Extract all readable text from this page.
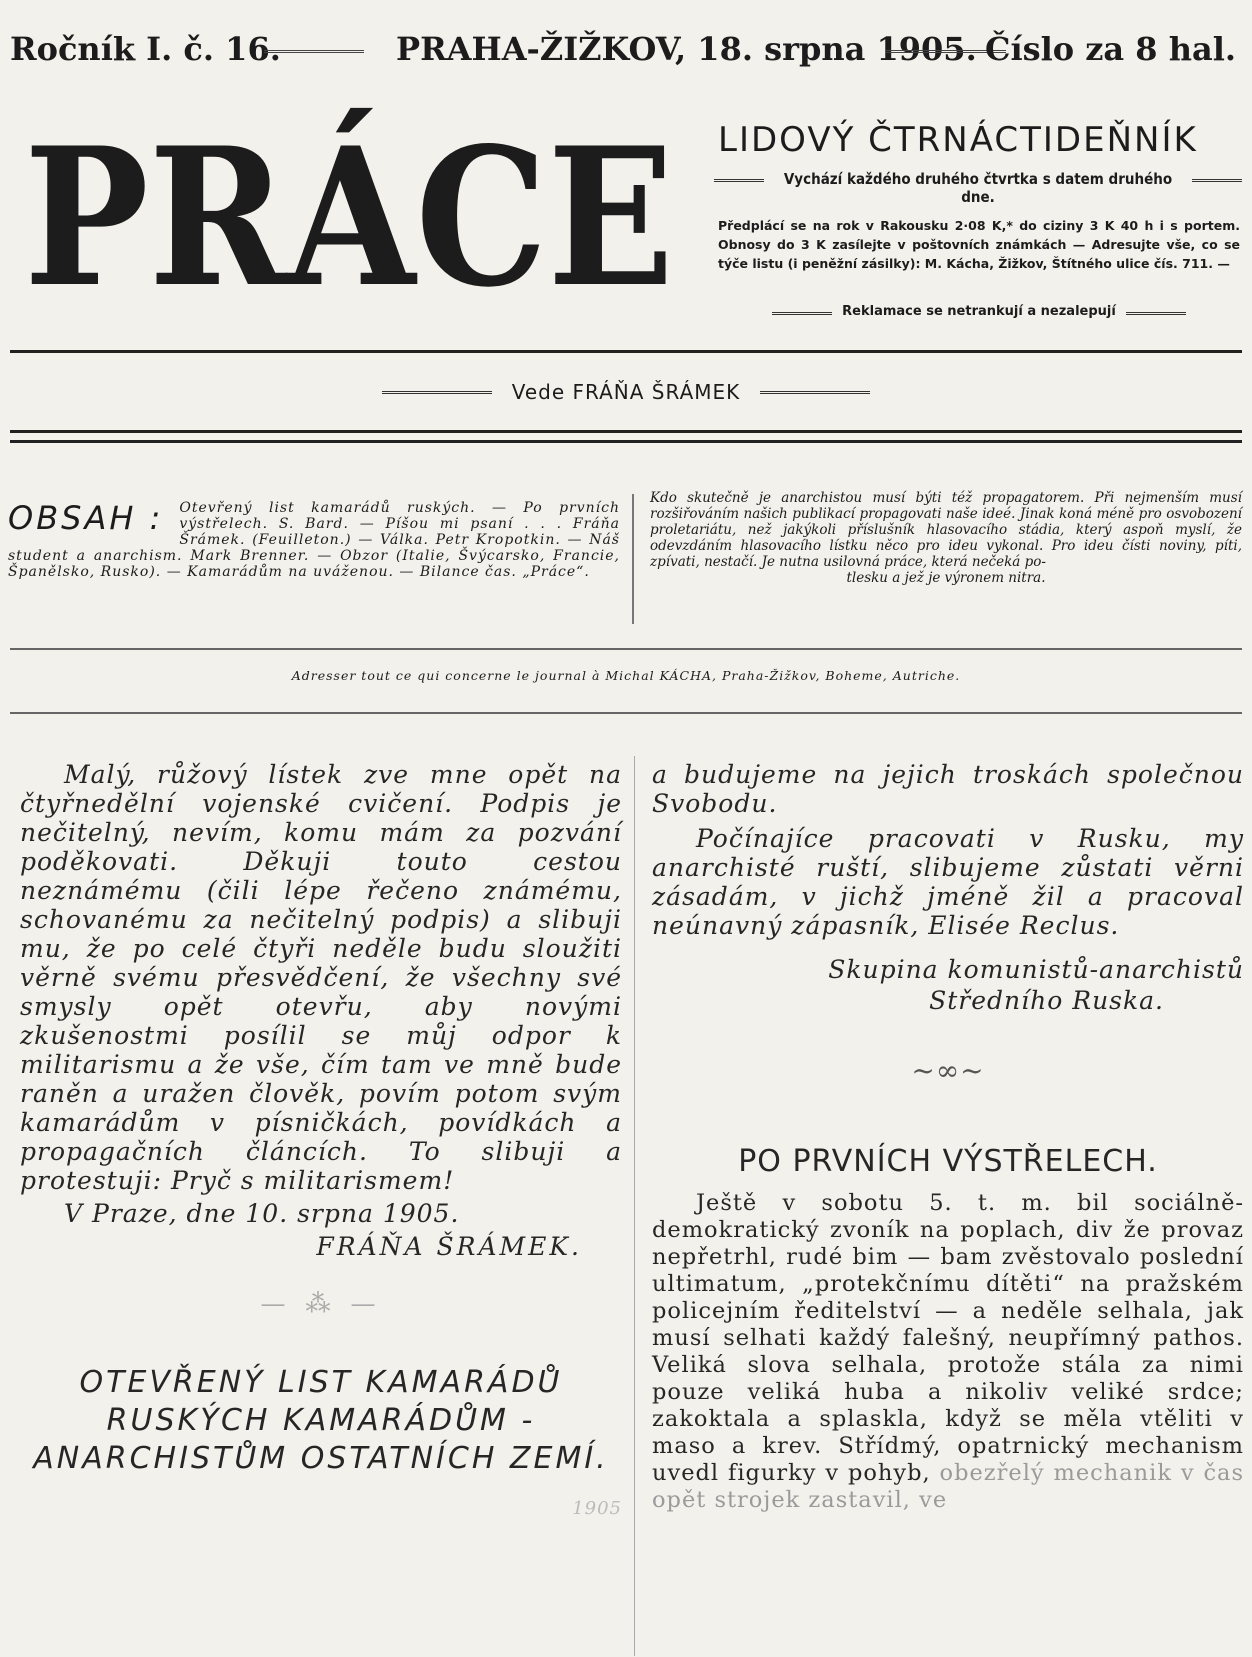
Ročník I. č. 16.	PRAHA-ŽIŽKOV, 18. srpna 1905. Číslo za 8 hal.
PRÁCE LIDOVÝ ČTRNÁCTIDEŇNÍK
Vychází každého druhého čtvrtka s datem druhého dne.
Předplácí se na rok v Rakousku 2·08 K,* do ciziny 3 K 40 h i s portem. Obnosy do 3 K zasílejte v poštovních známkách — Adresujte vše, co se týče listu (i peněžní zásilky): M. Kácha, Žižkov, Štítného ulice čís. 711. —
Reklamace se netrankují a nezalepují
Vede FRÁŇA ŠRÁMEK
OBSAH : Otevřený list kamarádů ruských. — Po prvních výstřelech. S. Bard. — Píšou mi psaní . . . Fráňa Šrámek. (Feuilleton.) — Válka. Petr Kropotkin. — Náš student a anarchism. Mark Brenner. — Obzor (Italie, Švýcarsko, Francie, Španělsko, Rusko). — Kamarádům na uváženou. — Bilance čas. „Práce“.
Kdo skutečně je anarchistou musí býti též propagatorem. Při nejmenším musí rozšiřováním našich publikací propagovati naše ideé. Jinak koná méně pro osvobození proletariátu, než jakýkoli příslušník hlasovacího stádia, který aspoň myslí, že odevzdáním hlasovacího lístku něco pro ideu vykonal. Pro ideu čísti noviny, píti, zpívati, nestačí. Je nutna usilovná práce, která nečeká po-
tlesku a jež je výronem nitra.
Adresser tout ce qui concerne le journal à Michal KÁCHA, Praha-Žižkov, Boheme, Autriche.

Malý, růžový lístek zve mne opět na čtyřnedělní vojenské cvičení. Podpis je nečitelný, nevím, komu mám za pozvání poděkovati. Děkuji touto cestou neznámému (čili lépe řečeno známému, schovanému za nečitelný podpis) a slibuji mu, že po celé čtyři neděle budu sloužiti věrně svému přesvědčení, že všechny své smysly opět otevřu, aby novými zkušenostmi posílil se můj odpor k militarismu a že vše, čím tam ve mně bude raněn a uražen člověk, povím potom svým kamarádům v písničkách, povídkách a propagačních článcích. To slibuji a protestuji: Pryč s militarismem!

V Praze, dne 10. srpna 1905.

FRÁŇA ŠRÁMEK.
— ⁂ —
OTEVŘENÝ LIST KAMARÁDŮ RUSKÝCH KAMARÁDŮM - ANARCHISTŮM OSTATNÍCH ZEMÍ.
1905

a budujeme na jejich troskách společnou Svobodu.

Počínajíce pracovati v Rusku, my anarchisté ruští, slibujeme zůstati věrni zásadám, v jichž jméně žil a pracoval neúnavný zápasník, Elisée Reclus.

Skupina komunistů-anarchistů
Středního Ruska.
~∞~
PO PRVNÍCH VÝSTŘELECH.

Ještě v sobotu 5. t. m. bil sociálně-demokratický zvoník na poplach, div že provaz nepřetrhl, rudé bim — bam zvěstovalo poslední ultimatum, „protekčnímu dítěti“ na pražském policejním ředitelství — a neděle selhala, jak musí selhati každý falešný, neupřímný pathos. Veliká slova selhala, protože stála za nimi pouze veliká huba a nikoliv veliké srdce; zakoktala a splaskla, když se měla vtěliti v maso a krev. Střídmý, opatrnický mechanism uvedl figurky v pohyb, obezřelý mechanik v čas opět strojek zastavil, ve
